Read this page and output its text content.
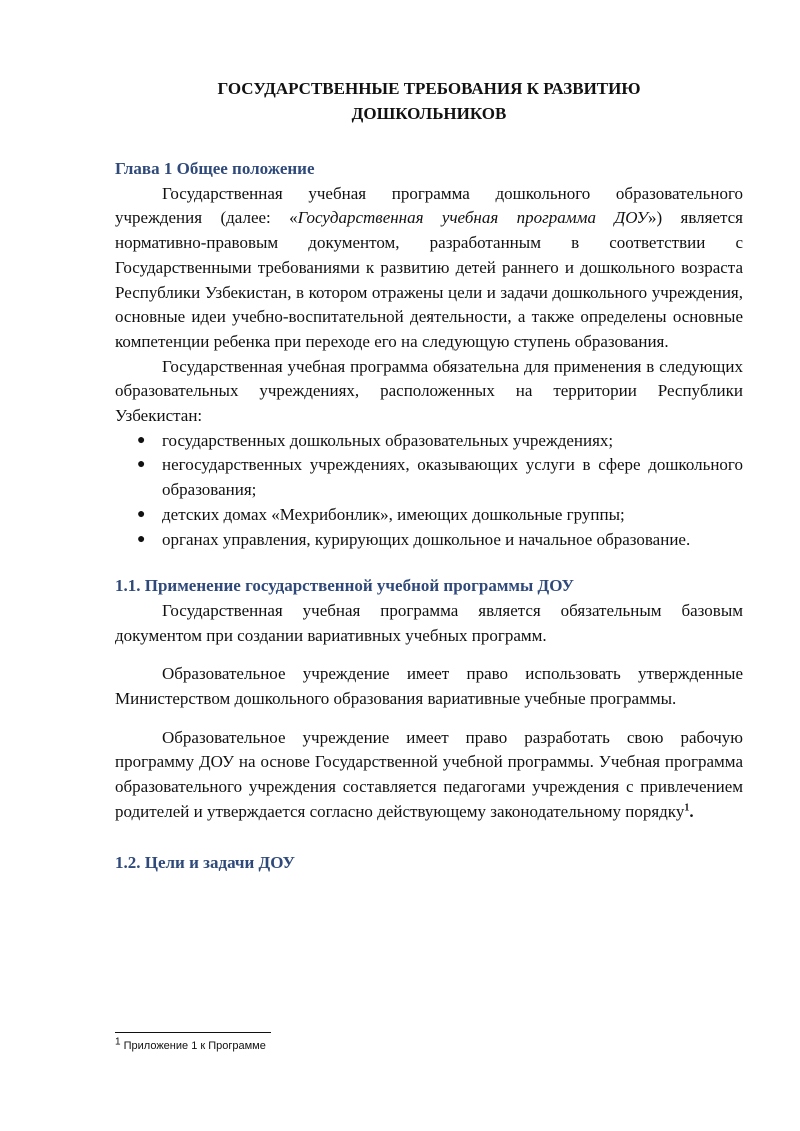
ГОСУДАРСТВЕННЫЕ ТРЕБОВАНИЯ К РАЗВИТИЮ
ДОШКОЛЬНИКОВ
Глава 1 Общее положение

Государственная учебная программа дошкольного образовательного учреждения (далее: «Государственная учебная программа ДОУ») является нормативно-правовым документом, разработанным в соответствии с Государственными требованиями к развитию детей раннего и дошкольного возраста Республики Узбекистан, в котором отражены цели и задачи дошкольного учреждения, основные идеи учебно-воспитательной деятельности, а также определены основные компетенции ребенка при переходе его на следующую ступень образования.

Государственная учебная программа обязательна для применения в следующих образовательных учреждениях, расположенных на территории Республики Узбекистан:

● государственных дошкольных образовательных учреждениях;
● негосударственных учреждениях, оказывающих услуги в сфере дошкольного образования;
● детских домах «Мехрибонлик», имеющих дошкольные группы;
● органах управления, курирующих дошкольное и начальное образование.
1.1. Применение государственной учебной программы ДОУ

Государственная учебная программа является обязательным базовым документом при создании вариативных учебных программ.

Образовательное учреждение имеет право использовать утвержденные Министерством дошкольного образования вариативные учебные программы.

Образовательное учреждение имеет право разработать свою рабочую программу ДОУ на основе Государственной учебной программы. Учебная программа образовательного учреждения составляется педагогами учреждения с привлечением родителей и утверждается согласно действующему законодательному порядку$^1$.

1.2. Цели и задачи ДОУ
$^1$ Приложение 1 к Программе
